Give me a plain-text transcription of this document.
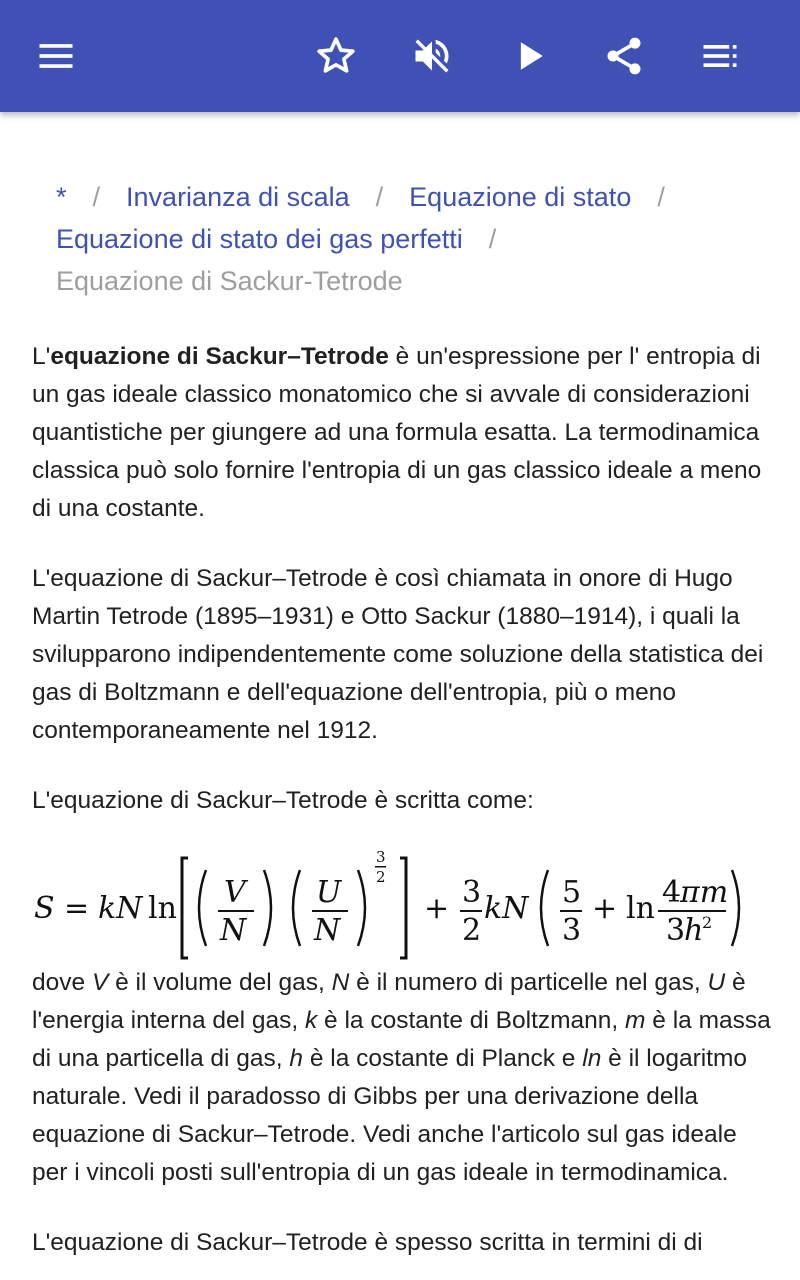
* / Invarianza di scala / Equazione di stato /
Equazione di stato dei gas perfetti /
Equazione di Sackur-Tetrode

L'equazione di Sackur–Tetrode è un'espressione per l' entropia di un gas ideale classico monatomico che si avvale di considerazioni quantistiche per giungere ad una formula esatta. La termodinamica classica può solo fornire l'entropia di un gas classico ideale a meno di una costante.

L'equazione di Sackur–Tetrode è così chiamata in onore di Hugo Martin Tetrode (1895–1931) e Otto Sackur (1880–1914), i quali la svilupparono indipendentemente come soluzione della statistica dei gas di Boltzmann e dell'equazione dell'entropia, più o meno contemporaneamente nel 1912.

L'equazione di Sackur–Tetrode è scritta come:

S = kN ln V
N
U
N
3
2
+ 3
2
kN 5
3
+ ln 4
πm
3
h
2

dove V è il volume del gas, N è il numero di particelle nel gas, U è l'energia interna del gas, k è la costante di Boltzmann, m è la massa di una particella di gas, h è la costante di Planck e ln è il logaritmo naturale. Vedi il paradosso di Gibbs per una derivazione della equazione di Sackur–Tetrode. Vedi anche l'articolo sul gas ideale per i vincoli posti sull'entropia di un gas ideale in termodinamica.

L'equazione di Sackur–Tetrode è spesso scritta in termini di di
